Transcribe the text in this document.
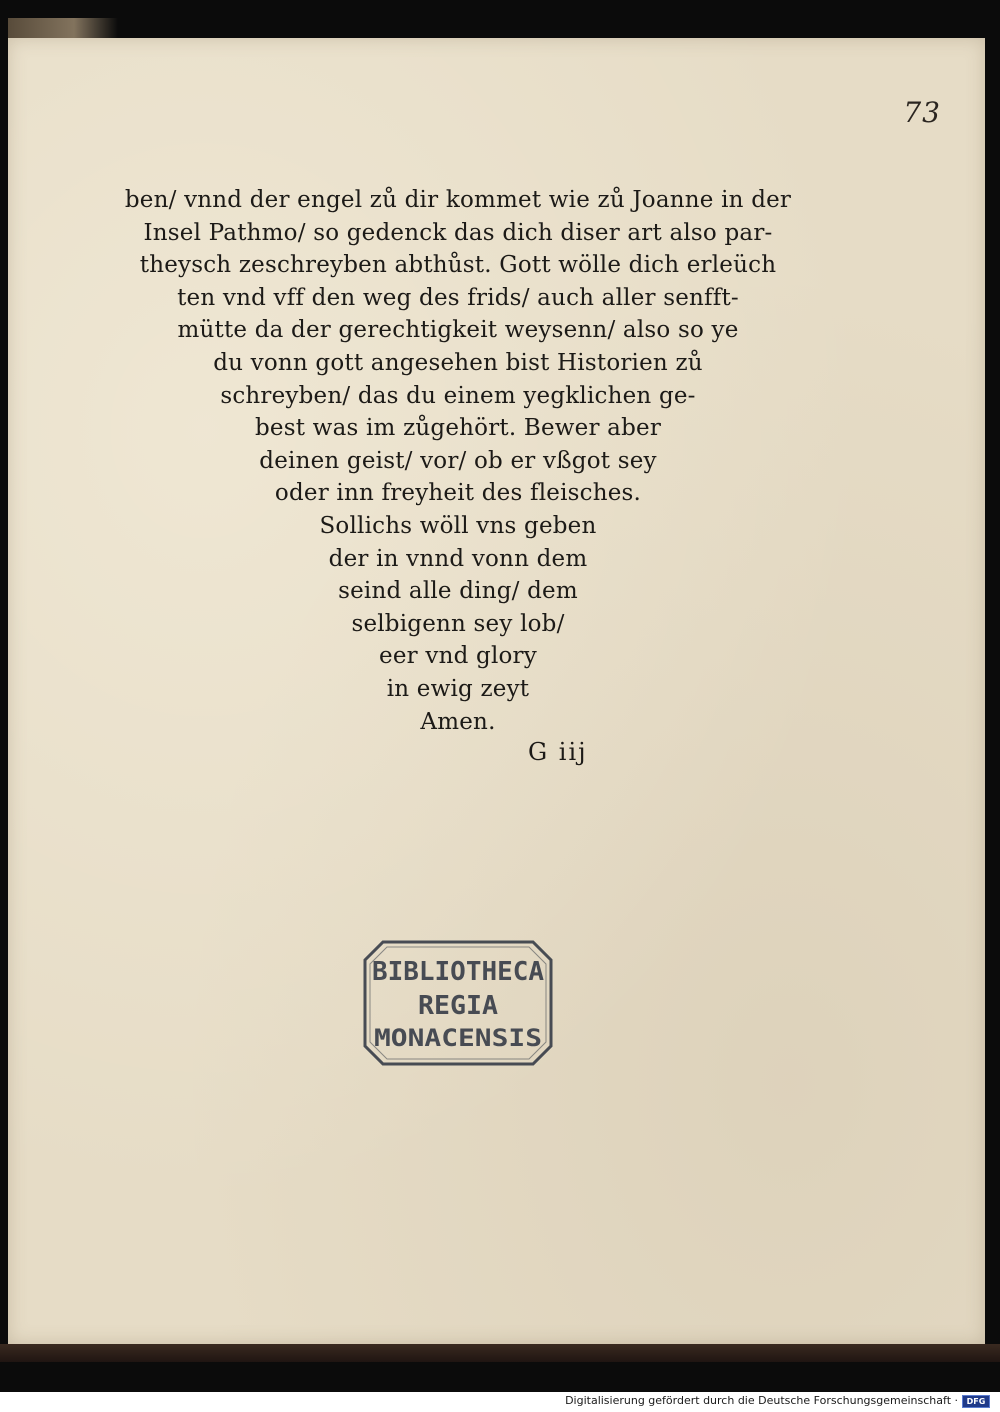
73
ben/ vnnd der engel zů dir kommet wie zů Joanne in der
Insel Pathmo/ so gedenck das dich diser art also par‑
theysch zeschreyben abthůst. Gott wölle dich erleüch
ten vnd vff den weg des frids/ auch aller senfft‑
mütte da der gerechtigkeit weysenn/ also so ye
du vonn gott angesehen bist Historien zů
schreyben/ das du einem yegklichen ge‑
best was im zůgehört. Bewer aber
deinen geist/ vor/ ob er vßgot sey
oder inn freyheit des fleisches.
Sollichs wöll vns geben
der in vnnd vonn dem
seind alle ding/ dem
selbigenn sey lob/
eer vnd glory
in ewig zeyt
Amen.
G iij
BIBLIOTHECA
REGIA
MONACENSIS
Digitalisierung gefördert durch die Deutsche Forschungsgemeinschaft ·	DFG
